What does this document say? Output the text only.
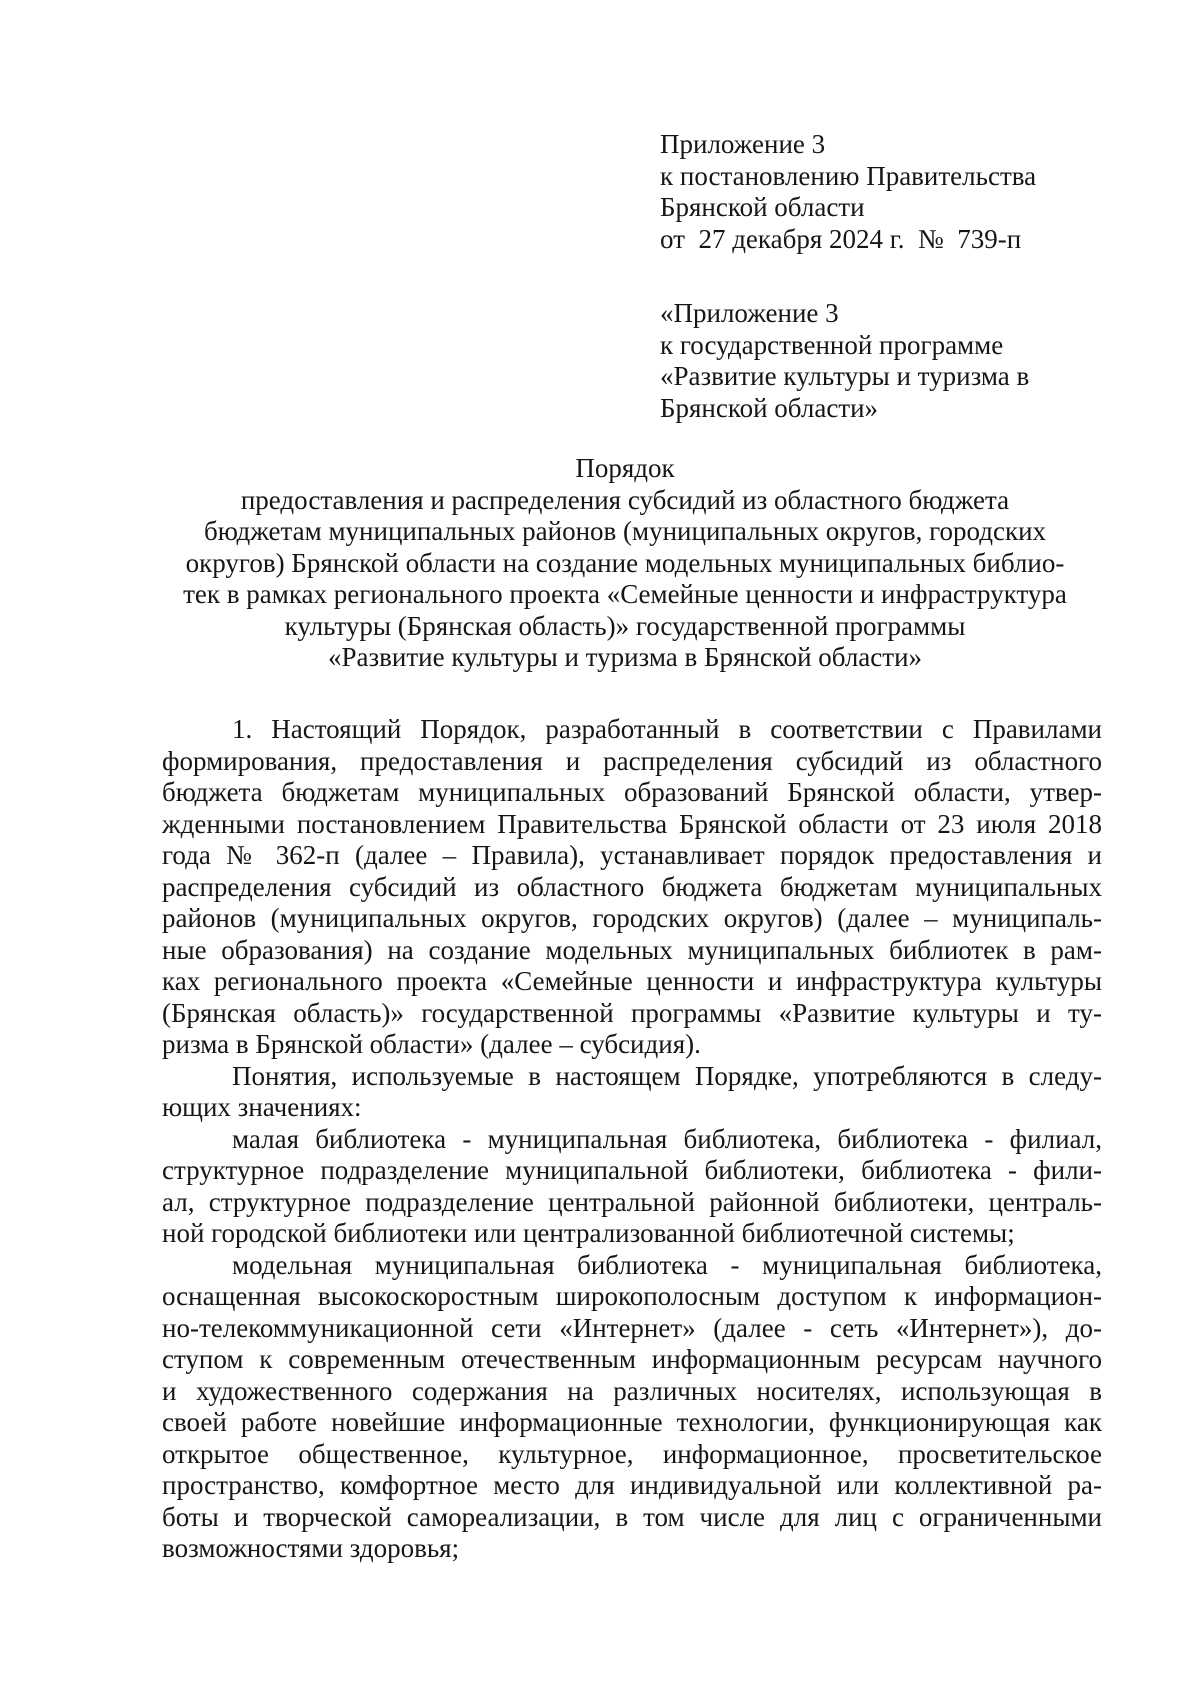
Приложение 3
к постановлению Правительства
Брянской области
от  27 декабря 2024 г.  №  739-п
«Приложение 3
к государственной программе
«Развитие культуры и туризма в
Брянской области»
Порядок
предоставления и распределения субсидий из областного бюджета
бюджетам муниципальных районов (муниципальных округов, городских
округов) Брянской области на создание модельных муниципальных библио-
тек в рамках регионального проекта «Семейные ценности и инфраструктура
культуры (Брянская область)» государственной программы
«Развитие культуры и туризма в Брянской области»

1. Настоящий Порядок, разработанный в соответствии с Правилами
формирования, предоставления и распределения субсидий из областного
бюджета бюджетам муниципальных образований Брянской области, утвер-
жденными постановлением Правительства Брянской области от 23 июля 2018
года № 362-п (далее – Правила), устанавливает порядок предоставления и
распределения субсидий из областного бюджета бюджетам муниципальных
районов (муниципальных округов, городских округов) (далее – муниципаль-
ные образования) на создание модельных муниципальных библиотек в рам-
ках регионального проекта «Семейные ценности и инфраструктура культуры
(Брянская область)» государственной программы «Развитие культуры и ту-
ризма в Брянской области» (далее – субсидия).

Понятия, используемые в настоящем Порядке, употребляются в следу-
ющих значениях:

малая библиотека - муниципальная библиотека, библиотека - филиал,
структурное подразделение муниципальной библиотеки, библиотека - фили-
ал, структурное подразделение центральной районной библиотеки, централь-
ной городской библиотеки или централизованной библиотечной системы;

модельная муниципальная библиотека - муниципальная библиотека,
оснащенная высокоскоростным широкополосным доступом к информацион-
но-телекоммуникационной сети «Интернет» (далее - сеть «Интернет»), до-
ступом к современным отечественным информационным ресурсам научного
и художественного содержания на различных носителях, использующая в
своей работе новейшие информационные технологии, функционирующая как
открытое общественное, культурное, информационное, просветительское
пространство, комфортное место для индивидуальной или коллективной ра-
боты и творческой самореализации, в том числе для лиц с ограниченными
возможностями здоровья;
